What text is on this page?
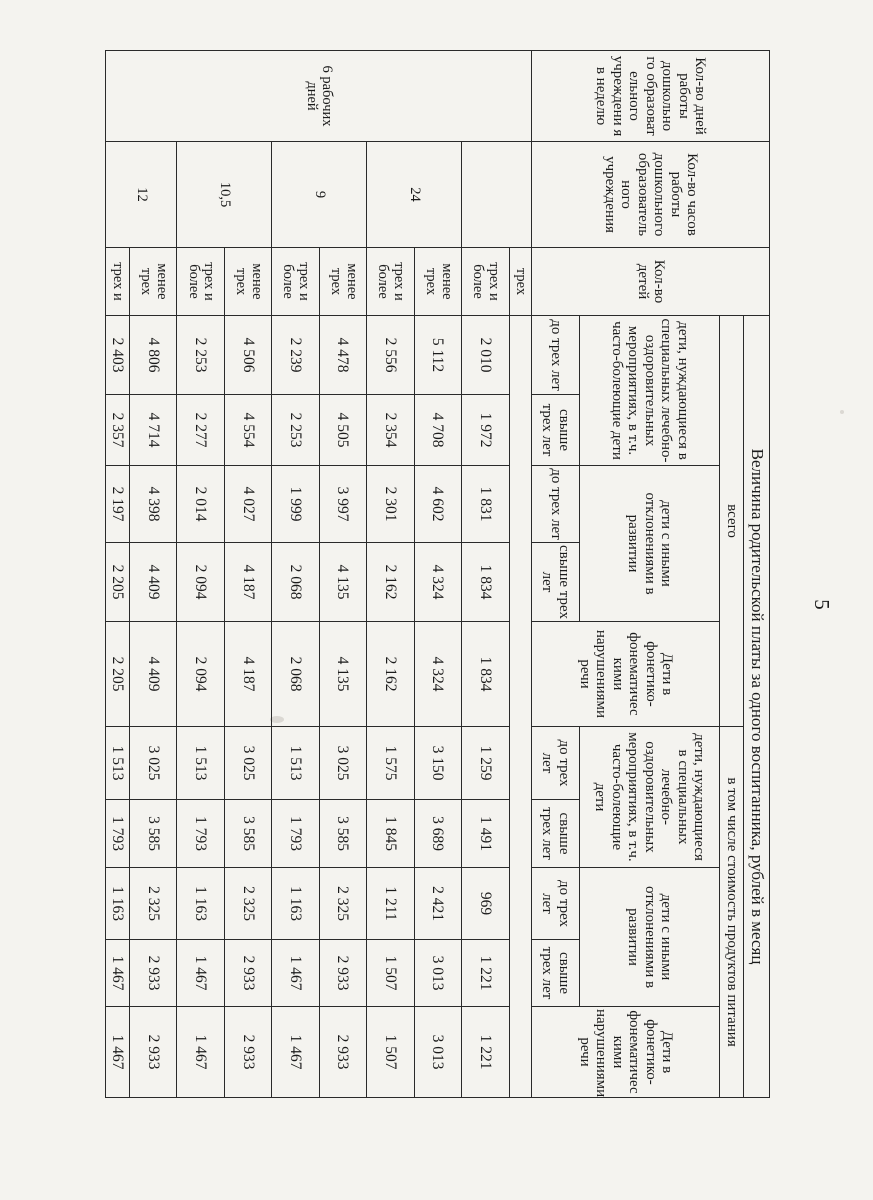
5
Кол-во дней работы дошкольно го образоват ельного учреждени я в неделю	Кол-во часов работы дошкольного образователь ного учреждения	Кол-во детей	Величина родительской платы за одного воспитанника, рублей в месяц									
			всего					в том числе стоимость продуктов питания				
			дети, нуждающиеся в специальных лечебно-оздоровительных мероприятиях, в т.ч. часто-болеющие дети		дети с иными отклонениями в развитии		Дети в фонетико-фонематичес кими нарушениями речи	дети, нуждающиеся в специальных лечебно-оздоровительных мероприятиях, в т.ч. часто-болеющие дети		дети с иными отклонениями в развитии		Дети в фонетико-фонематичес кими нарушениями речи
			до трех лет	свыше трех лет	до трех лет	свыше трех лет		до трех лет	свыше трех лет	до трех лет	свыше трех лет	
6 рабочих дней		трех										
		трех и более	2 010	1 972	1 831	1 834	1 834	1 259	1 491	969	1 221	1 221
	24	менее трех	5 112	4 708	4 602	4 324	4 324	3 150	3 689	2 421	3 013	3 013
		трех и более	2 556	2 354	2 301	2 162	2 162	1 575	1 845	1 211	1 507	1 507
	9	менее трех	4 478	4 505	3 997	4 135	4 135	3 025	3 585	2 325	2 933	2 933
		трех и более	2 239	2 253	1 999	2 068	2 068	1 513	1 793	1 163	1 467	1 467
	10,5	менее трех	4 506	4 554	4 027	4 187	4 187	3 025	3 585	2 325	2 933	2 933
		трех и более	2 253	2 277	2 014	2 094	2 094	1 513	1 793	1 163	1 467	1 467
	12	менее трех	4 806	4 714	4 398	4 409	4 409	3 025	3 585	2 325	2 933	2 933
		трех и	2 403	2 357	2 197	2 205	2 205	1 513	1 793	1 163	1 467	1 467
